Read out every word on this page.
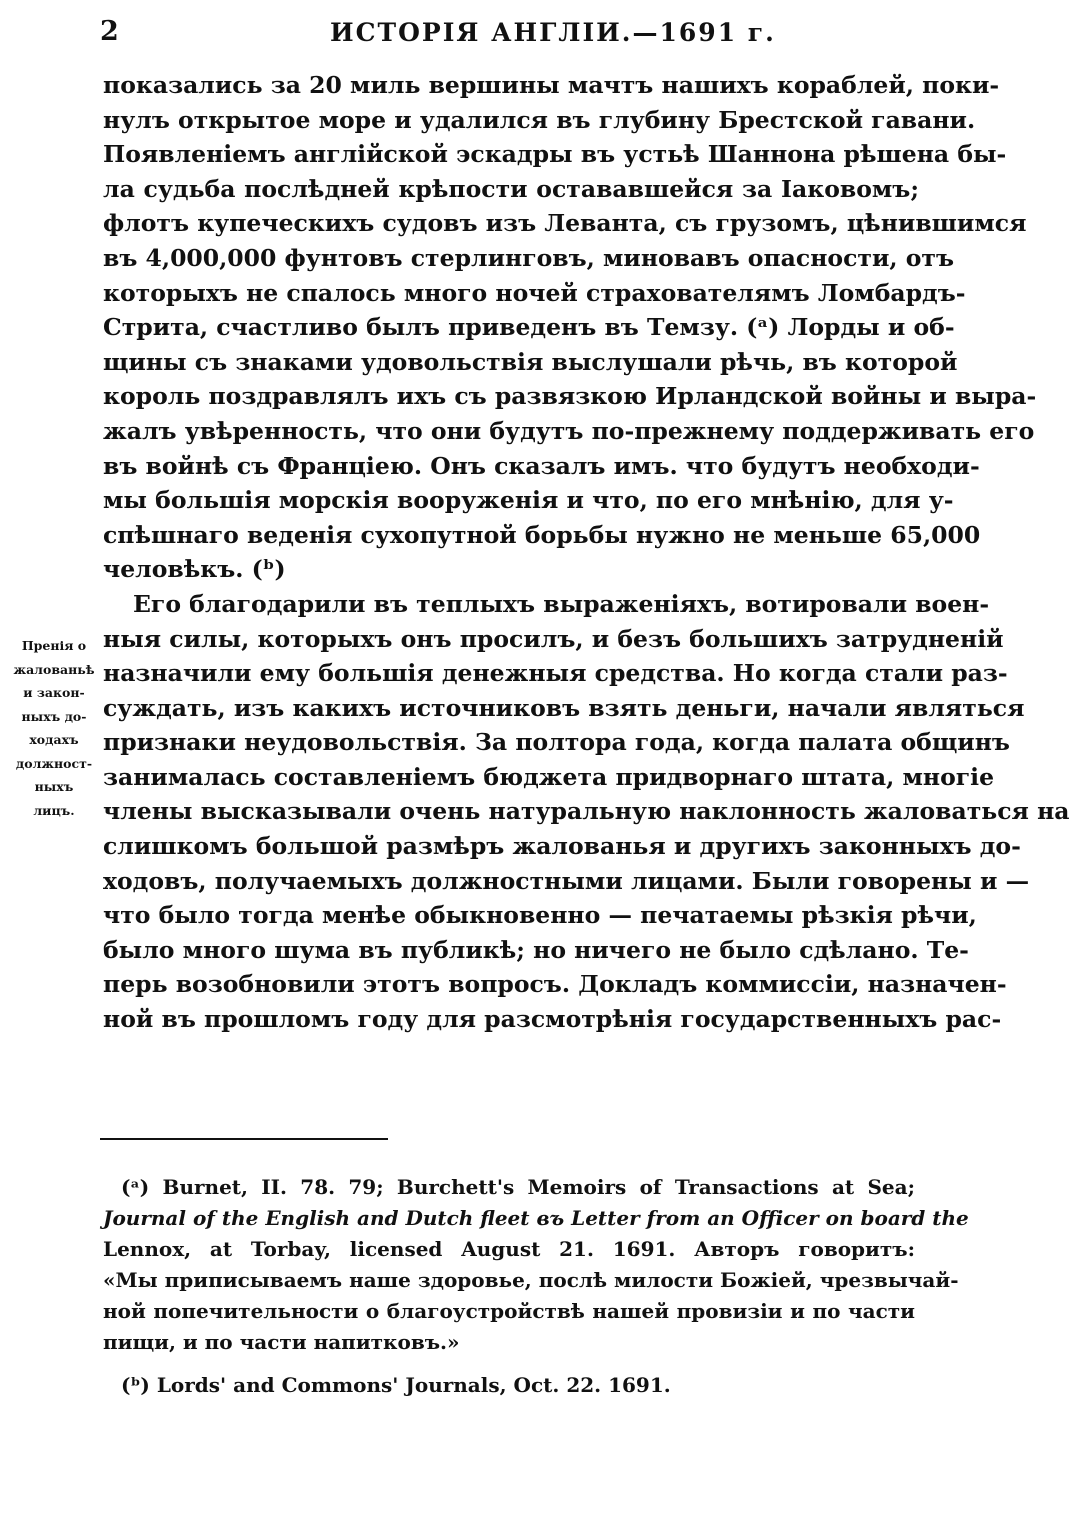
2	ИСТОРІЯ АНГЛІИ.—1691 г.
Пренія о
жалованьѣ
и закон-
ныхъ до-
ходахъ
должност-
ныхъ
лицъ.
показались за 20 миль вершины мачтъ нашихъ кораблей, поки-
нулъ открытое море и удалился въ глубину Брестской гавани.
Появленіемъ англійской эскадры въ устьѣ Шаннона рѣшена бы-
ла судьба послѣдней крѣпости остававшейся за Іаковомъ;
флотъ купеческихъ судовъ изъ Леванта, съ грузомъ, цѣнившимся
въ 4,000,000 фунтовъ стерлинговъ, миновавъ опасности, отъ
которыхъ не спалось много ночей страхователямъ Ломбардъ-
Стрита, счастливо былъ приведенъ въ Темзу. (ᵃ) Лорды и об-
щины съ знаками удовольствія выслушали рѣчь, въ которой
король поздравлялъ ихъ съ развязкою Ирландской войны и выра-
жалъ увѣренность, что они будутъ по-прежнему поддерживать его
въ войнѣ съ Франціею. Онъ сказалъ имъ. что будутъ необходи-
мы большія морскія вооруженія и что, по его мнѣнію, для у-
спѣшнаго веденія сухопутной борьбы нужно не меньше 65,000
человѣкъ. (ᵇ)
Его благодарили въ теплыхъ выраженіяхъ, вотировали воен-
ныя силы, которыхъ онъ просилъ, и безъ большихъ затрудненій
назначили ему большія денежныя средства. Но когда стали раз-
суждать, изъ какихъ источниковъ взять деньги, начали являться
признаки неудовольствія. За полтора года, когда палата общинъ
занималась составленіемъ бюджета придворнаго штата, многіе
члены высказывали очень натуральную наклонность жаловаться на
слишкомъ большой размѣръ жалованья и другихъ законныхъ до-
ходовъ, получаемыхъ должностными лицами. Были говорены и —
что было тогда менѣе обыкновенно — печатаемы рѣзкія рѣчи,
было много шума въ публикѣ; но ничего не было сдѣлано. Те-
перь возобновили этотъ вопросъ. Докладъ коммиссіи, назначен-
ной въ прошломъ году для разсмотрѣнія государственныхъ рас-
(ᵃ) Burnet, II. 78. 79; Burchett's Memoirs of Transactions at Sea;
Journal of the English and Dutch fleet въ Letter from an Officer on board the
Lennox, at Torbay, licensed August 21. 1691. Авторъ говоритъ:
«Мы приписываемъ наше здоровье, послѣ милости Божіей, чрезвычай-
ной попечительности о благоустройствѣ нашей провизіи и по части
пищи, и по части напитковъ.»
(ᵇ) Lords' and Commons' Journals, Oct. 22. 1691.
